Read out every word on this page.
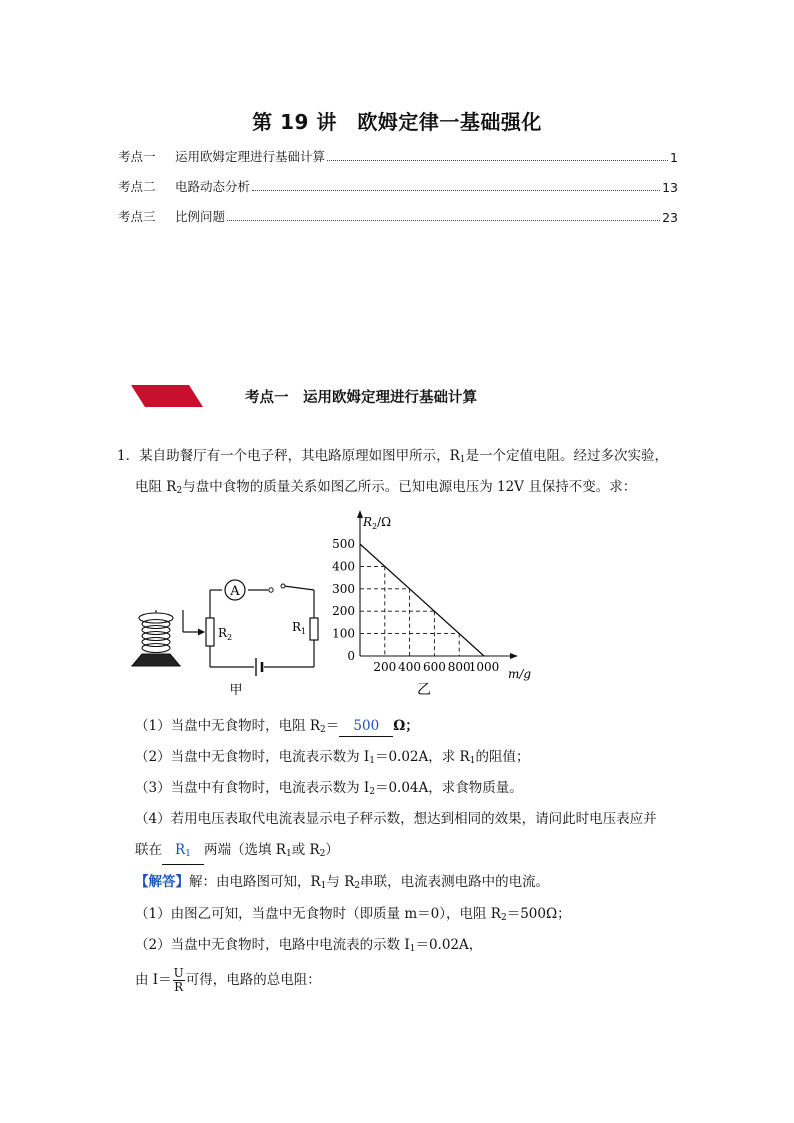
第 19 讲　欧姆定律一基础强化
考点一	运用欧姆定理进行基础计算	1
考点二	电路动态分析	13
考点三	比例问题	23
考点一　 运用欧姆定理进行基础计算
1．某自助餐厅有一个电子秤，其电路原理如图甲所示，$R_1$是一个定值电阻。经过多次实验，
电阻 $R_2$与盘中食物的质量关系如图乙所示。已知电源电压为 12V 且保持不变。求：
A
$R_2$
$R_1$
甲
$R_2/\Omega$
m/g
乙
0
100
200
300
400
500
200 400 600 800
1000
（1）当盘中无食物时，电阻 $R_2= 500$ Ω；
（2）当盘中无食物时，电流表示数为 $I_1=0.02A$，求 $R_1$的阻值；
（3）当盘中有食物时，电流表示数为 $I_2=0.04A$，求食物质量。
（4）若用电压表取代电流表显示电子秤示数，想达到相同的效果，请问此时电压表应并
联在 $R_1$ 两端（选填 $R_1$或 $R_2$）
【解答】解：由电路图可知，$R_1$与 $R_2$串联，电流表测电路中的电流。
（1）由图乙可知，当盘中无食物时（即质量 m＝0），电阻 $R_2=500\Omega$；
（2）当盘中无食物时，电路中电流表的示数 $I_1=0.02A$，
由 $I= \frac{U}{R}$ 可得，电路的总电阻：
